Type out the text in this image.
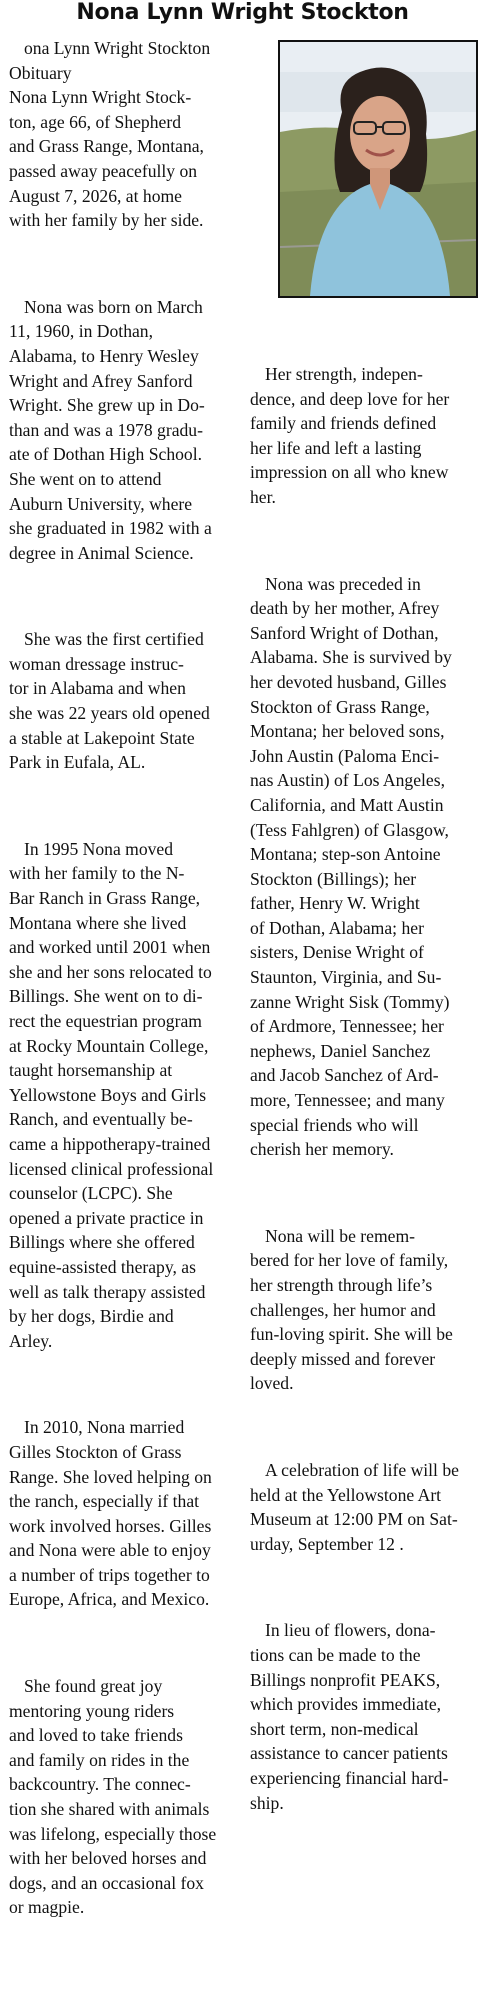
Nona Lynn Wright Stockton

ona Lynn Wright Stockton
Obituary
Nona Lynn Wright Stock-
ton, age 66, of Shepherd
and Grass Range, Montana,
passed away peacefully on
August 7, 2026, at home
with her family by her side.

Nona was born on March
11, 1960, in Dothan,
Alabama, to Henry Wesley
Wright and Afrey Sanford
Wright. She grew up in Do-
than and was a 1978 gradu-
ate of Dothan High School.
She went on to attend
Auburn University, where
she graduated in 1982 with a
degree in Animal Science.

She was the first certified
woman dressage instruc-
tor in Alabama and when
she was 22 years old opened
a stable at Lakepoint State
Park in Eufala, AL.

In 1995 Nona moved
with her family to the N-
Bar Ranch in Grass Range,
Montana where she lived
and worked until 2001 when
she and her sons relocated to
Billings. She went on to di-
rect the equestrian program
at Rocky Mountain College,
taught horsemanship at
Yellowstone Boys and Girls
Ranch, and eventually be-
came a hippotherapy-trained
licensed clinical professional
counselor (LCPC). She
opened a private practice in
Billings where she offered
equine-assisted therapy, as
well as talk therapy assisted
by her dogs, Birdie and
Arley.

In 2010, Nona married
Gilles Stockton of Grass
Range. She loved helping on
the ranch, especially if that
work involved horses. Gilles
and Nona were able to enjoy
a number of trips together to
Europe, Africa, and Mexico.

She found great joy
mentoring young riders
and loved to take friends
and family on rides in the
backcountry. The connec-
tion she shared with animals
was lifelong, especially those
with her beloved horses and
dogs, and an occasional fox
or magpie.

Her strength, indepen-
dence, and deep love for her
family and friends defined
her life and left a lasting
impression on all who knew
her.

Nona was preceded in
death by her mother, Afrey
Sanford Wright of Dothan,
Alabama. She is survived by
her devoted husband, Gilles
Stockton of Grass Range,
Montana; her beloved sons,
John Austin (Paloma Enci-
nas Austin) of Los Angeles,
California, and Matt Austin
(Tess Fahlgren) of Glasgow,
Montana; step-son Antoine
Stockton (Billings); her
father, Henry W. Wright
of Dothan, Alabama; her
sisters, Denise Wright of
Staunton, Virginia, and Su-
zanne Wright Sisk (Tommy)
of Ardmore, Tennessee; her
nephews, Daniel Sanchez
and Jacob Sanchez of Ard-
more, Tennessee; and many
special friends who will
cherish her memory.

Nona will be remem-
bered for her love of family,
her strength through life’s
challenges, her humor and
fun-loving spirit. She will be
deeply missed and forever
loved.

A celebration of life will be
held at the Yellowstone Art
Museum at 12:00 PM on Sat-
urday, September 12 .

In lieu of flowers, dona-
tions can be made to the
Billings nonprofit PEAKS,
which provides immediate,
short term, non-medical
assistance to cancer patients
experiencing financial hard-
ship.
